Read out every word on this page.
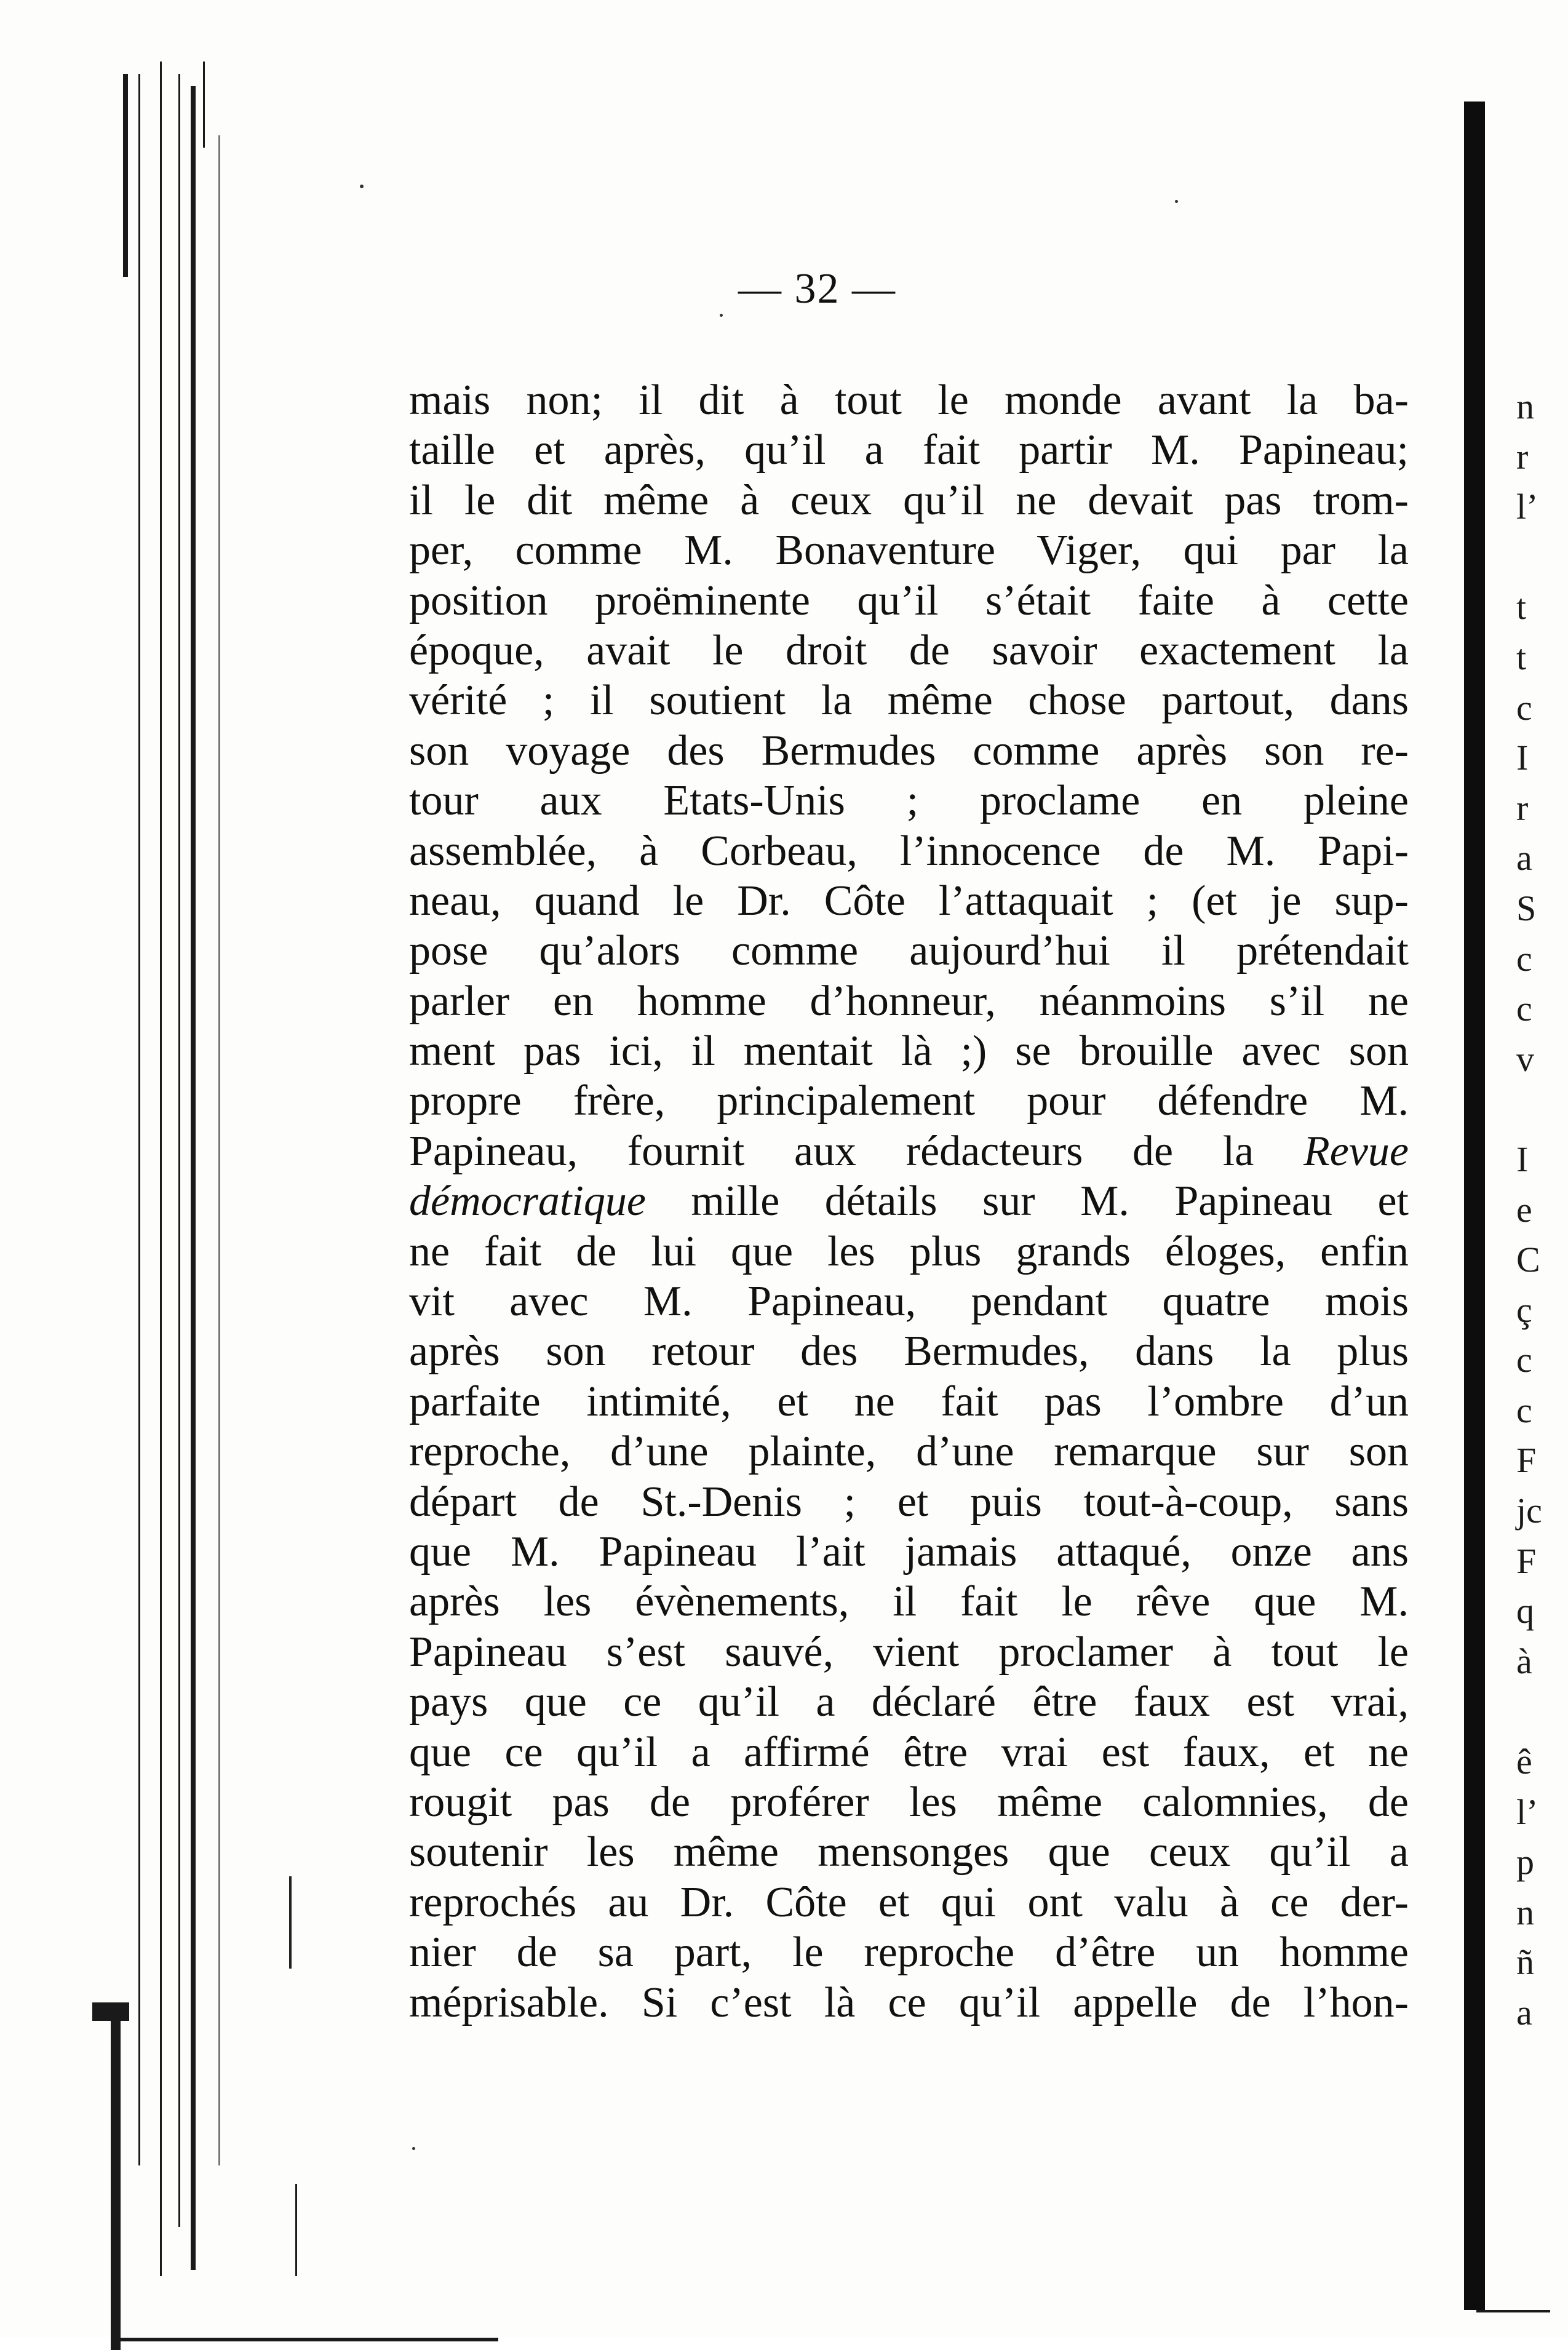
— 32 —
mais non; il dit à tout le monde avant la ba-
taille et après, qu’il a fait partir M. Papineau;
il le dit même à ceux qu’il ne devait pas trom-
per, comme M. Bonaventure Viger, qui par la
position proëminente qu’il s’était faite à cette
époque, avait le droit de savoir exactement la
vérité ; il soutient la même chose partout, dans
son voyage des Bermudes comme après son re-
tour aux Etats-Unis ; proclame en pleine
assemblée, à Corbeau, l’innocence de M. Papi-
neau, quand le Dr. Côte l’attaquait ; (et je sup-
pose qu’alors comme aujourd’hui il prétendait
parler en homme d’honneur, néanmoins s’il ne
ment pas ici, il mentait là ;) se brouille avec son
propre frère, principalement pour défendre M.
Papineau, fournit aux rédacteurs de la Revue
démocratique mille détails sur M. Papineau et
ne fait de lui que les plus grands éloges, enfin
vit avec M. Papineau, pendant quatre mois
après son retour des Bermudes, dans la plus
parfaite intimité, et ne fait pas l’ombre d’un
reproche, d’une plainte, d’une remarque sur son
départ de St.-Denis ; et puis tout-à-coup, sans
que M. Papineau l’ait jamais attaqué, onze ans
après les évènements, il fait le rêve que M.
Papineau s’est sauvé, vient proclamer à tout le
pays que ce qu’il a déclaré être faux est vrai,
que ce qu’il a affirmé être vrai est faux, et ne
rougit pas de proférer les même calomnies, de
soutenir les même mensonges que ceux qu’il a
reprochés au Dr. Côte et qui ont valu à ce der-
nier de sa part, le reproche d’être un homme
méprisable. Si c’est là ce qu’il appelle de l’hon-
n
r
l’
t
t
c
I
r
a
S
c
c
v
I
e
C
ç
c
c
F
jc
F
q
à
ê
l’
p
n
ñ
a
